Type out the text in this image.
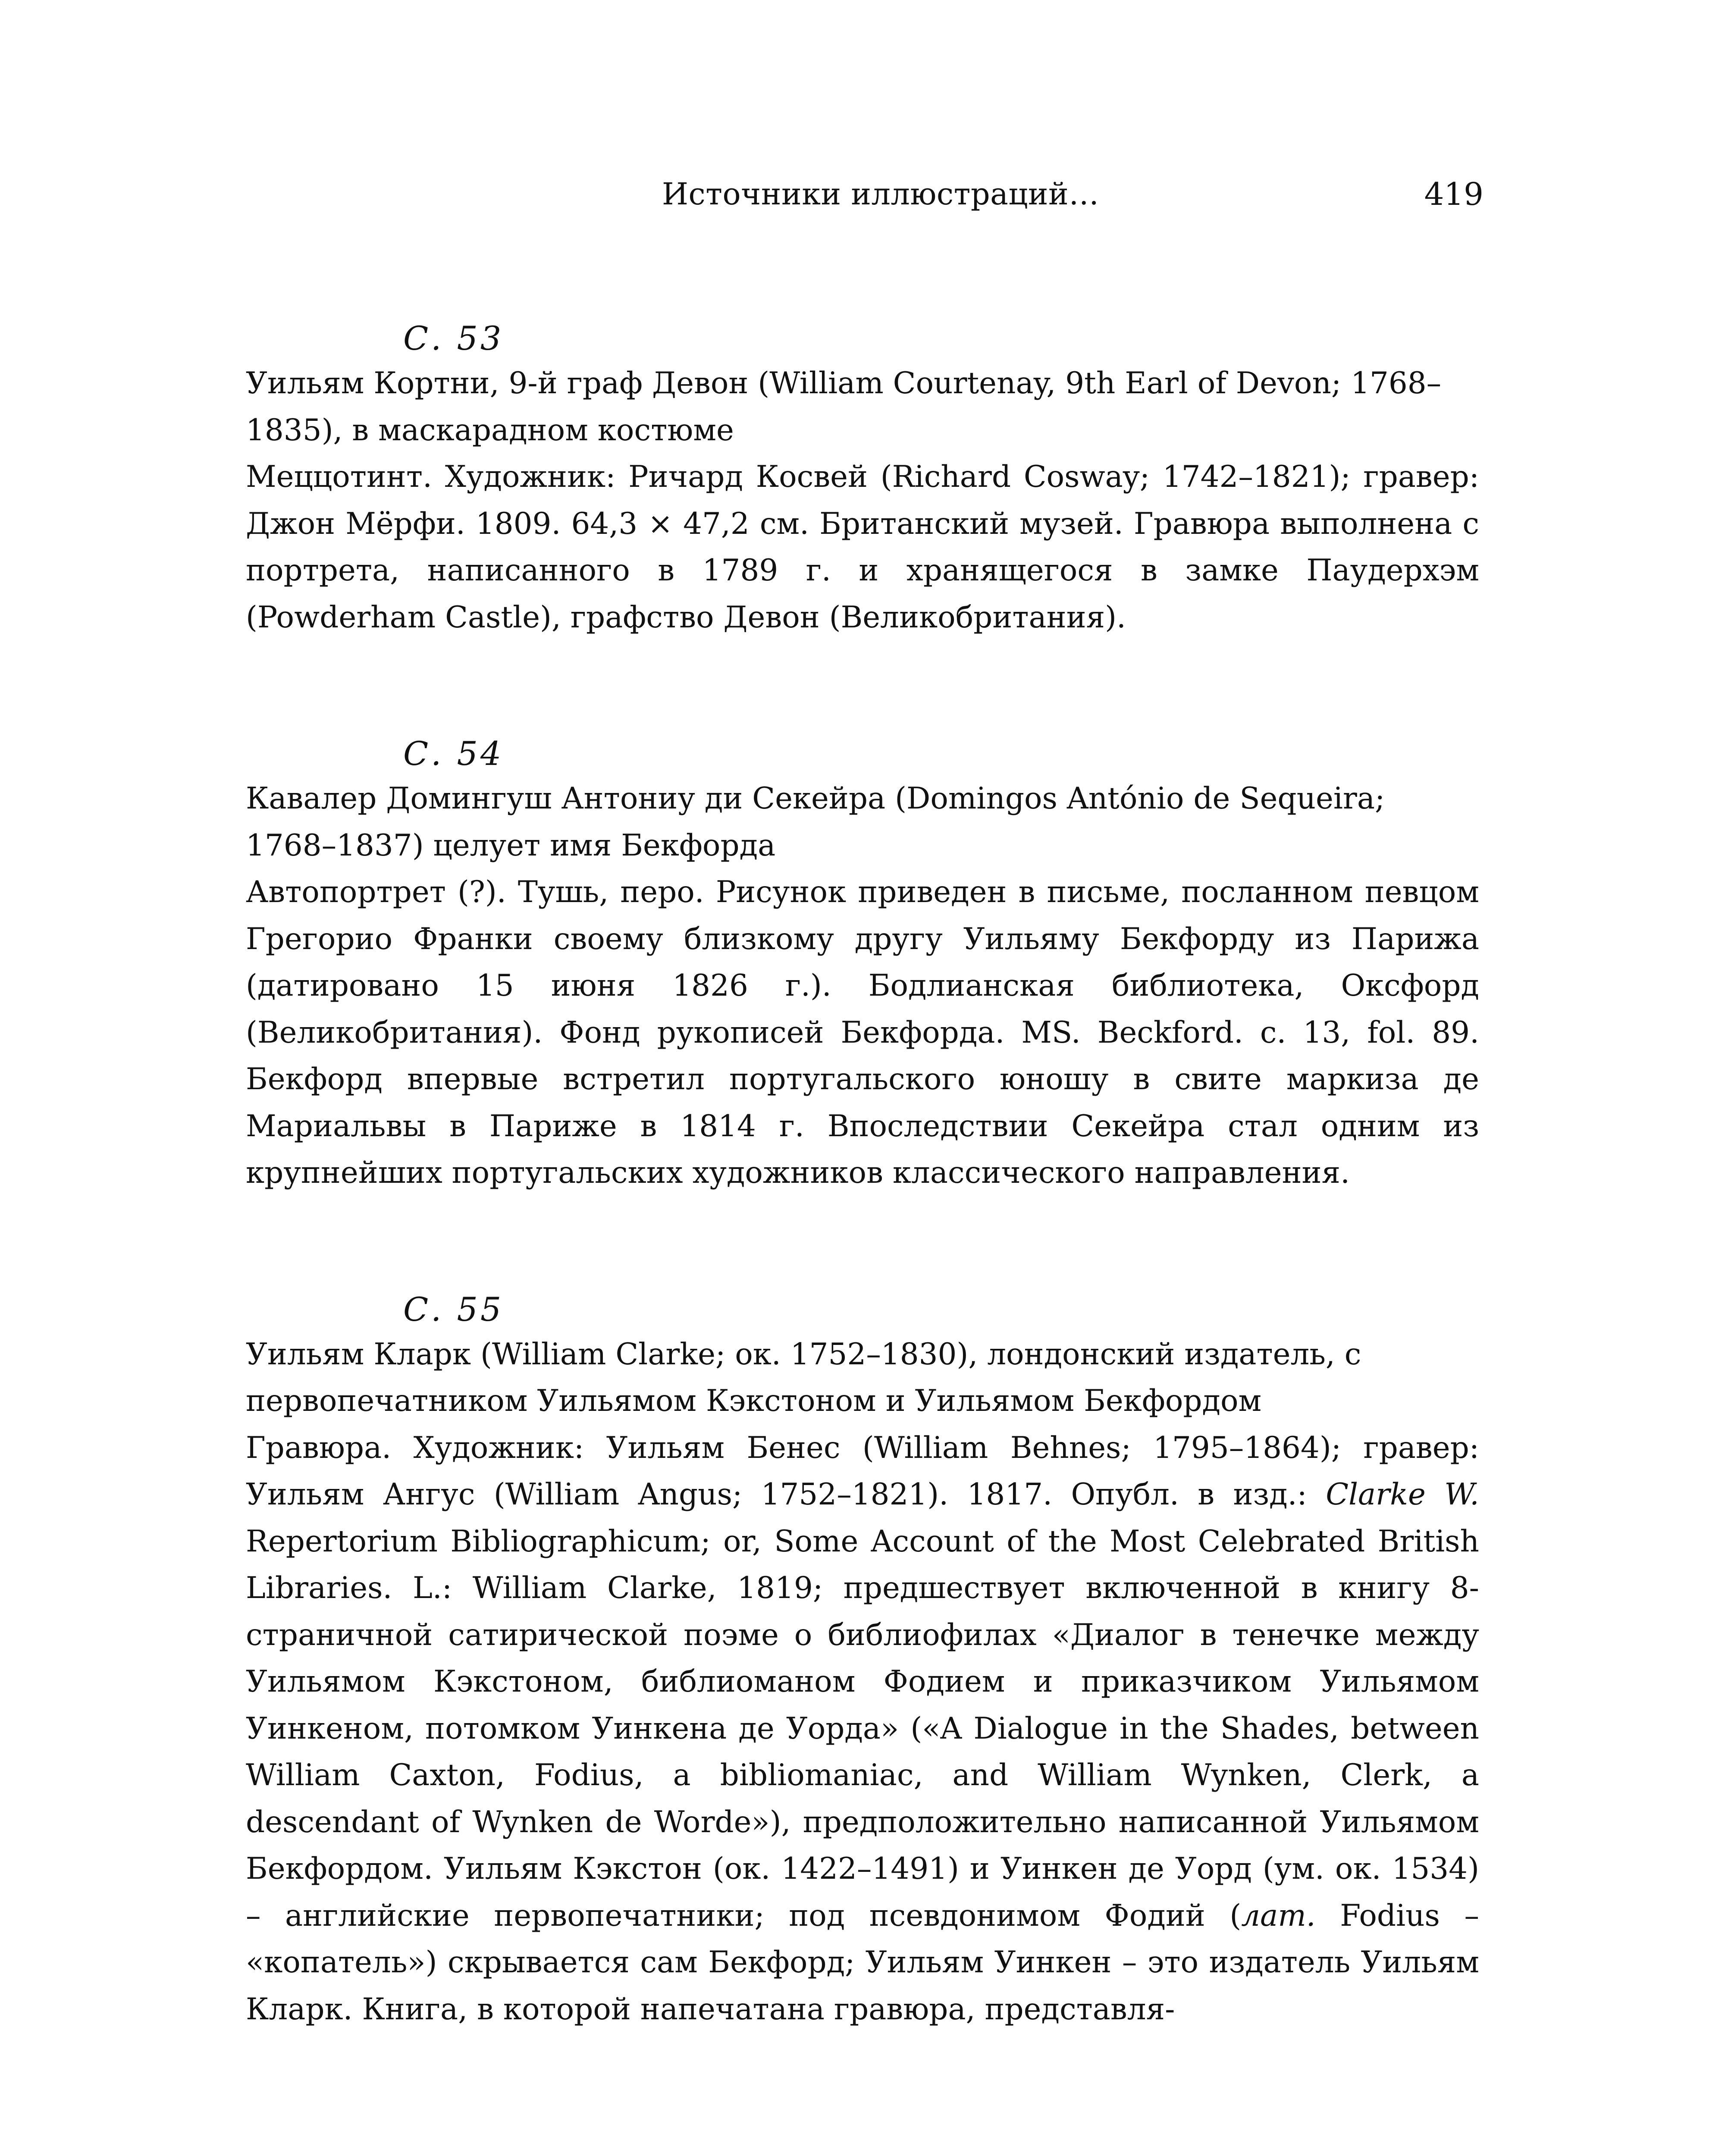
Источники иллюстраций…	419
С. 53

Уильям Кортни, 9-й граф Девон (William Courtenay, 9th Earl of Devon; 1768–1835), в маскарадном костюме

Меццотинт. Художник: Ричард Косвей (Richard Cosway; 1742–1821); гравер: Джон Мёрфи. 1809. 64,3 × 47,2 см. Британский музей. Гравюра выполнена с портрета, написанного в 1789 г. и хранящегося в замке Паудерхэм (Powderham Castle), графство Девон (Великобритания).

С. 54

Кавалер Домингуш Антониу ди Секейра (Domingos António de Sequeira; 1768–1837) целует имя Бекфорда

Автопортрет (?). Тушь, перо. Рисунок приведен в письме, посланном певцом Грегорио Франки своему близкому другу Уильяму Бекфорду из Парижа (датировано 15 июня 1826 г.). Бодлианская библиотека, Оксфорд (Великобритания). Фонд рукописей Бекфорда. MS. Beckford. c. 13, fol. 89. Бекфорд впервые встретил португальского юношу в свите маркиза де Мариальвы в Париже в 1814 г. Впоследствии Секейра стал одним из крупнейших португальских художников классического направления.

С. 55

Уильям Кларк (William Clarke; ок. 1752–1830), лондонский издатель, с первопечатником Уильямом Кэкстоном и Уильямом Бекфордом

Гравюра. Художник: Уильям Бенес (William Behnes; 1795–1864); гравер: Уильям Ангус (William Angus; 1752–1821). 1817. Опубл. в изд.: Clarke W. Repertorium Bibliographicum; or, Some Account of the Most Celebrated British Libraries. L.: William Clarke, 1819; предшествует включенной в книгу 8-страничной сатирической поэме о библиофилах «Диалог в тенечке между Уильямом Кэкстоном, библиоманом Фодием и приказчиком Уильямом Уинкеном, потомком Уинкена де Уорда» («A Dialogue in the Shades, between William Caxton, Fodius, a bibliomaniac, and William Wynken, Clerk, a descendant of Wynken de Worde»), предположительно написанной Уильямом Бекфордом. Уильям Кэкстон (ок. 1422–1491) и Уинкен де Уорд (ум. ок. 1534) – английские первопечатники; под псевдонимом Фодий (лат. Fodius – «копатель») скрывается сам Бекфорд; Уильям Уинкен – это издатель Уильям Кларк. Книга, в которой напечатана гравюра, представля-
